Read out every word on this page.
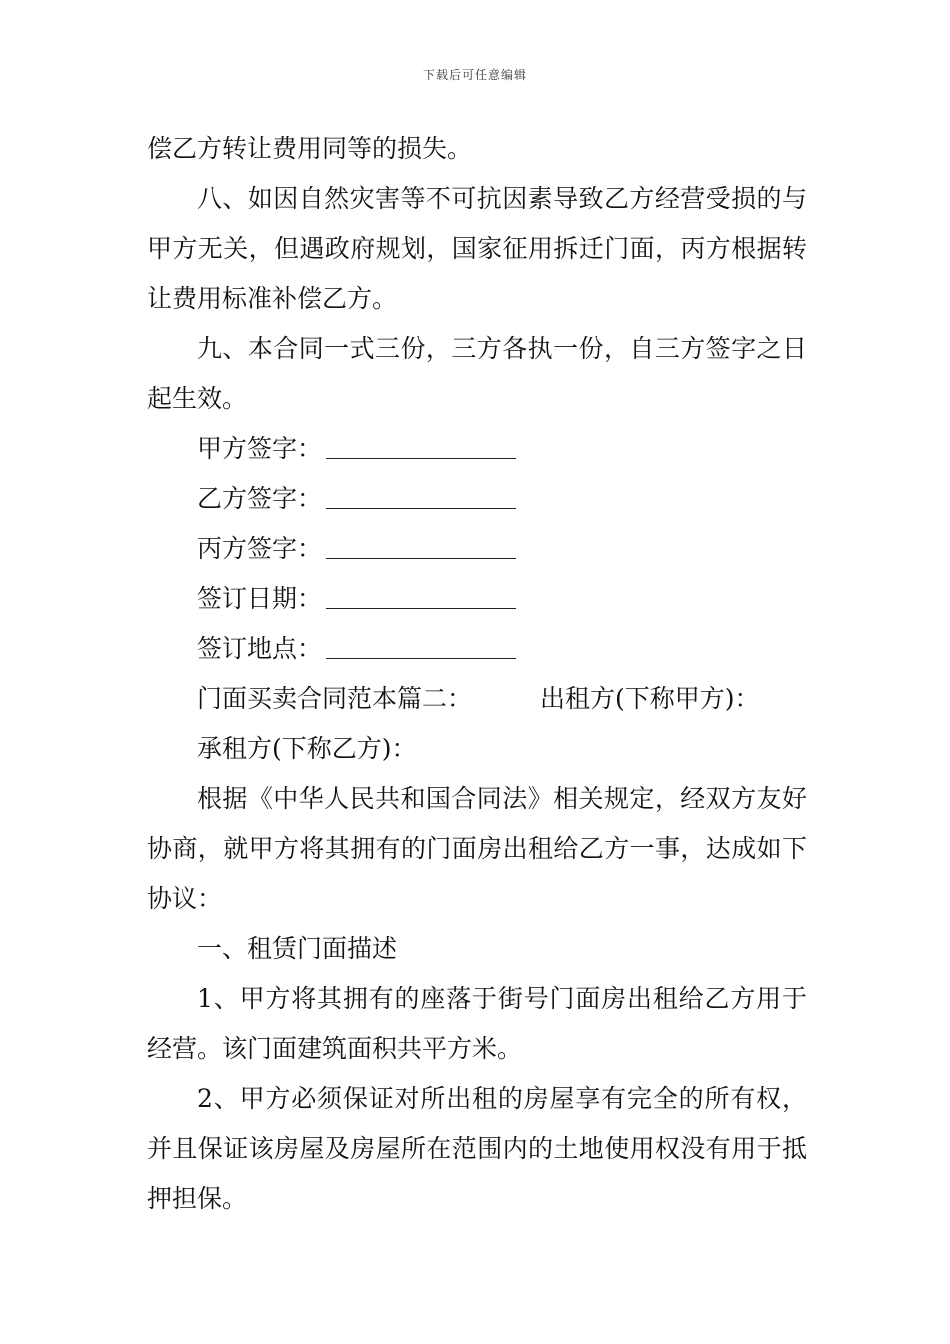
下载后可任意编辑

偿乙方转让费用同等的损失。

八、如因自然灾害等不可抗因素导致乙方经营受损的与甲方无关，但遇政府规划，国家征用拆迁门面，丙方根据转让费用标准补偿乙方。

九、本合同一式三份，三方各执一份，自三方签字之日起生效。

甲方签字：

乙方签字：

丙方签字：

签订日期：

签订地点：

门面买卖合同范本篇二：	出租方(下称甲方)：

承租方(下称乙方)：

根据《中华人民共和国合同法》相关规定，经双方友好协商，就甲方将其拥有的门面房出租给乙方一事，达成如下协议：

一、租赁门面描述

1、甲方将其拥有的座落于街号门面房出租给乙方用于经营。该门面建筑面积共平方米。

2、甲方必须保证对所出租的房屋享有完全的所有权，并且保证该房屋及房屋所在范围内的土地使用权没有用于抵押担保。
